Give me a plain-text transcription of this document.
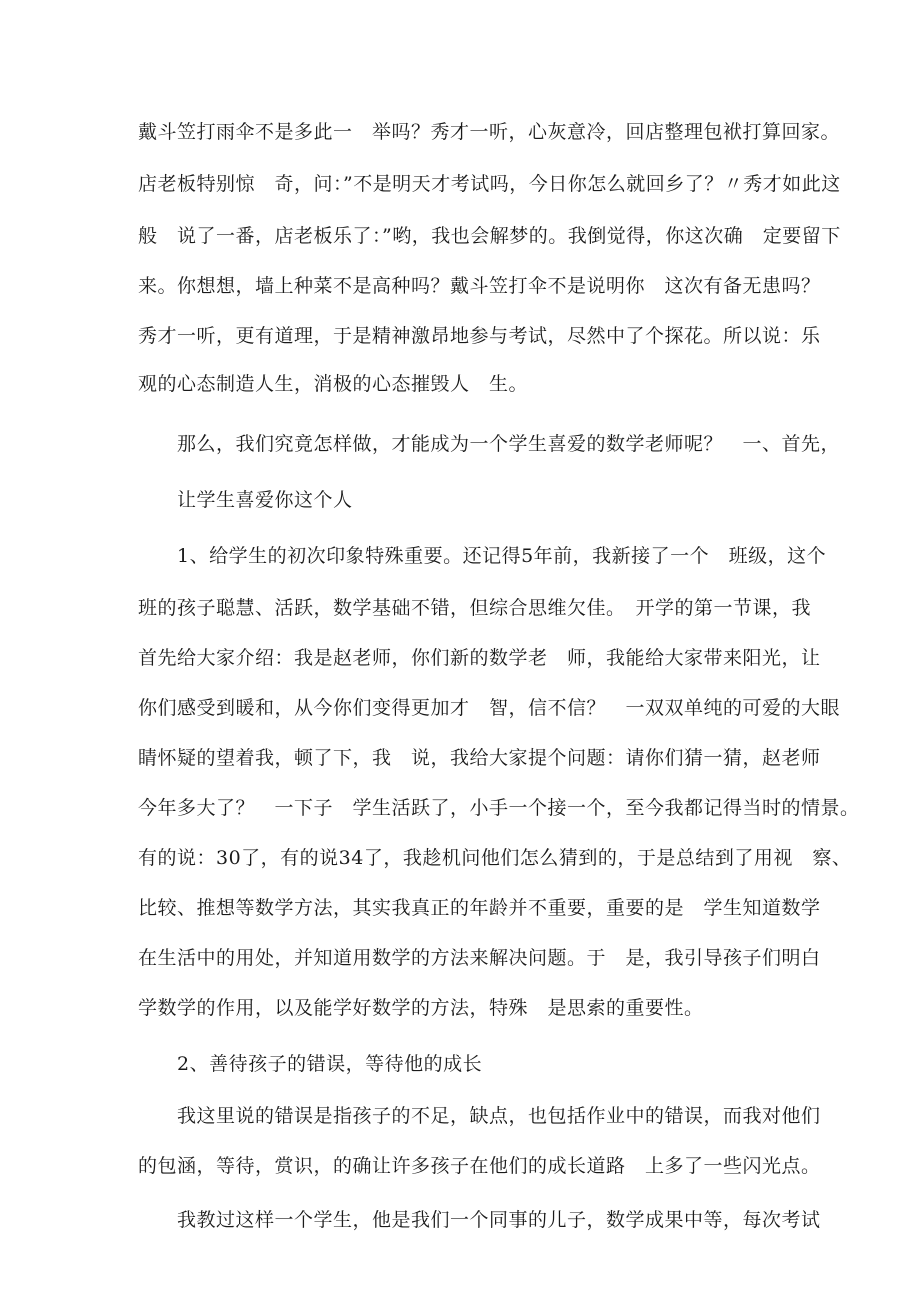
戴斗笠打雨伞不是多此一　举吗？秀才一听，心灰意冷，回店整理包袱打算回家。
店老板特别惊　奇，问：”不是明天才考试吗，今日你怎么就回乡了？〃秀才如此这
般　说了一番，店老板乐了：”哟，我也会解梦的。我倒觉得，你这次确　定要留下
来。你想想，墙上种菜不是高种吗？戴斗笠打伞不是说明你　这次有备无患吗？
秀才一听，更有道理，于是精神激昂地参与考试，尽然中了个探花。所以说：乐
观的心态制造人生，消极的心态摧毁人　生。
那么，我们究竟怎样做，才能成为一个学生喜爱的数学老师呢？　一、首先，
让学生喜爱你这个人
1、给学生的初次印象特殊重要。还记得5年前，我新接了一个　班级，这个
班的孩子聪慧、活跃，数学基础不错，但综合思维欠佳。　开学的第一节课，我
首先给大家介绍：我是赵老师，你们新的数学老　师，我能给大家带来阳光，让
你们感受到暖和，从今你们变得更加才　智，信不信？　一双双单纯的可爱的大眼
睛怀疑的望着我，顿了下，我　说，我给大家提个问题：请你们猜一猜，赵老师
今年多大了？　一下子　学生活跃了，小手一个接一个，至今我都记得当时的情景。
有的说：30了，有的说34了，我趁机问他们怎么猜到的，于是总结到了用视　察、
比较、推想等数学方法，其实我真正的年龄并不重要，重要的是　学生知道数学
在生活中的用处，并知道用数学的方法来解决问题。于　是，我引导孩子们明白
学数学的作用，以及能学好数学的方法，特殊　是思索的重要性。
2、善待孩子的错误，等待他的成长
我这里说的错误是指孩子的不足，缺点，也包括作业中的错误，而我对他们
的包涵，等待，赏识，的确让许多孩子在他们的成长道路　上多了一些闪光点。
我教过这样一个学生，他是我们一个同事的儿子，数学成果中等，每次考试
